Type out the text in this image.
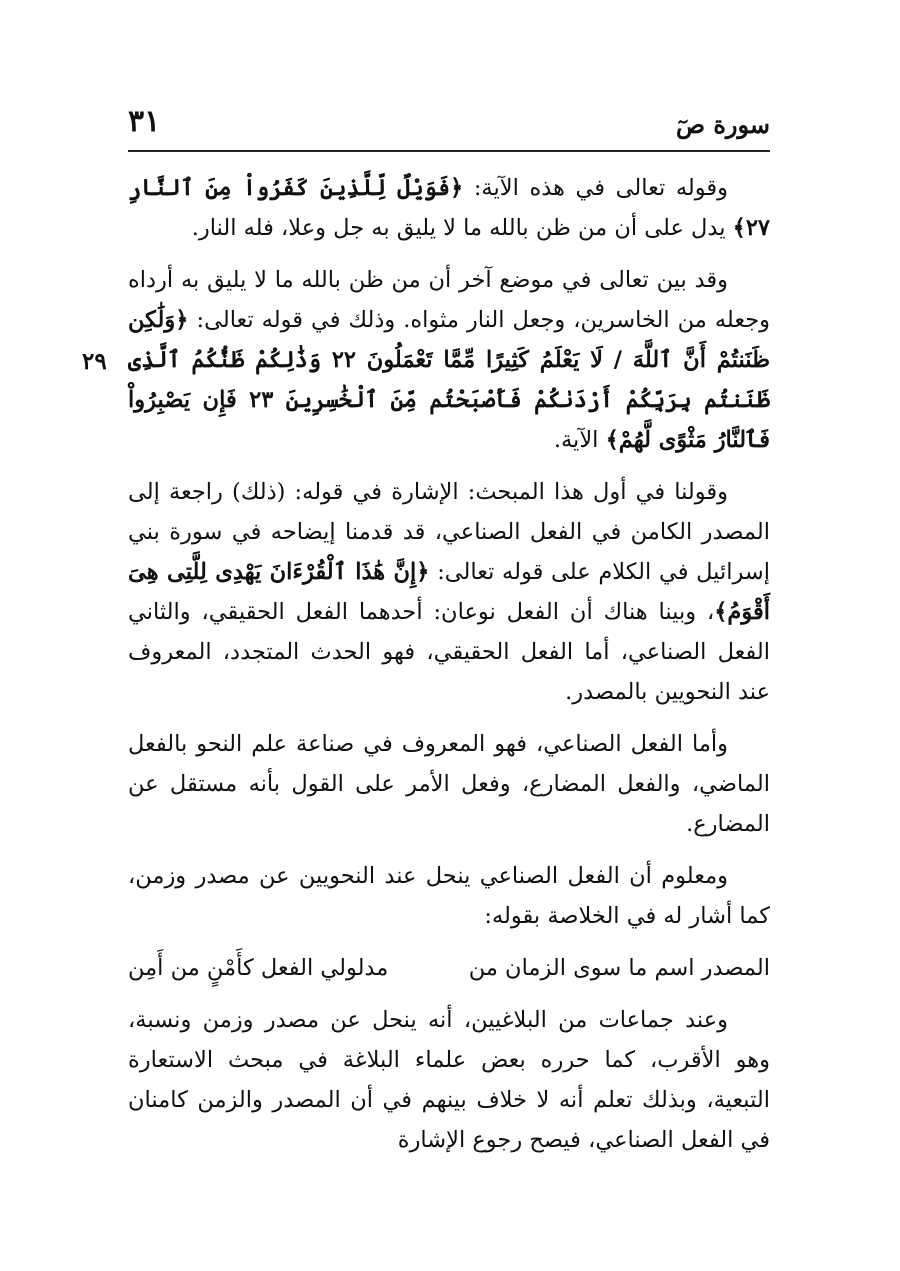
سورة صٓ
٣١
٢٩

وقوله تعالى في هذه الآية: ﴿فَوَيْلٌ لِّلَّذِينَ كَفَرُواْ مِنَ ٱلنَّارِ ٢٧﴾ يدل على أن من ظن بالله ما لا يليق به جل وعلا، فله النار.

وقد بين تعالى في موضع آخر أن من ظن بالله ما لا يليق به أرداه وجعله من الخاسرين، وجعل النار مثواه. وذلك في قوله تعالى: ﴿وَلَٰكِن ظَنَنتُمْ أَنَّ ٱللَّهَ / لَا يَعْلَمُ كَثِيرًا مِّمَّا تَعْمَلُونَ ٢٢ وَذَٰلِكُمْ ظَنُّكُمُ ٱلَّذِى ظَنَنتُم بِرَبِّكُمْ أَرْدَىٰكُمْ فَأَصْبَحْتُم مِّنَ ٱلْخَٰسِرِينَ ٢٣ فَإِن يَصْبِرُواْ فَٱلنَّارُ مَثْوًى لَّهُمْ﴾ الآية.

وقولنا في أول هذا المبحث: الإشارة في قوله: (ذلك) راجعة إلى المصدر الكامن في الفعل الصناعي، قد قدمنا إيضاحه في سورة بني إسرائيل في الكلام على قوله تعالى: ﴿إِنَّ هَٰذَا ٱلْقُرْءَانَ يَهْدِى لِلَّتِى هِىَ أَقْوَمُ﴾، وبينا هناك أن الفعل نوعان: أحدهما الفعل الحقيقي، والثاني الفعل الصناعي، أما الفعل الحقيقي، فهو الحدث المتجدد، المعروف عند النحويين بالمصدر.

وأما الفعل الصناعي، فهو المعروف في صناعة علم النحو بالفعل الماضي، والفعل المضارع، وفعل الأمر على القول بأنه مستقل عن المضارع.

ومعلوم أن الفعل الصناعي ينحل عند النحويين عن مصدر وزمن، كما أشار له في الخلاصة بقوله:

المصدر اسم ما سوى الزمان من
مدلولي الفعل كأَمْنٍ من أَمِن

وعند جماعات من البلاغيين، أنه ينحل عن مصدر وزمن ونسبة، وهو الأقرب، كما حرره بعض علماء البلاغة في مبحث الاستعارة التبعية، وبذلك تعلم أنه لا خلاف بينهم في أن المصدر والزمن كامنان في الفعل الصناعي، فيصح رجوع الإشارة
